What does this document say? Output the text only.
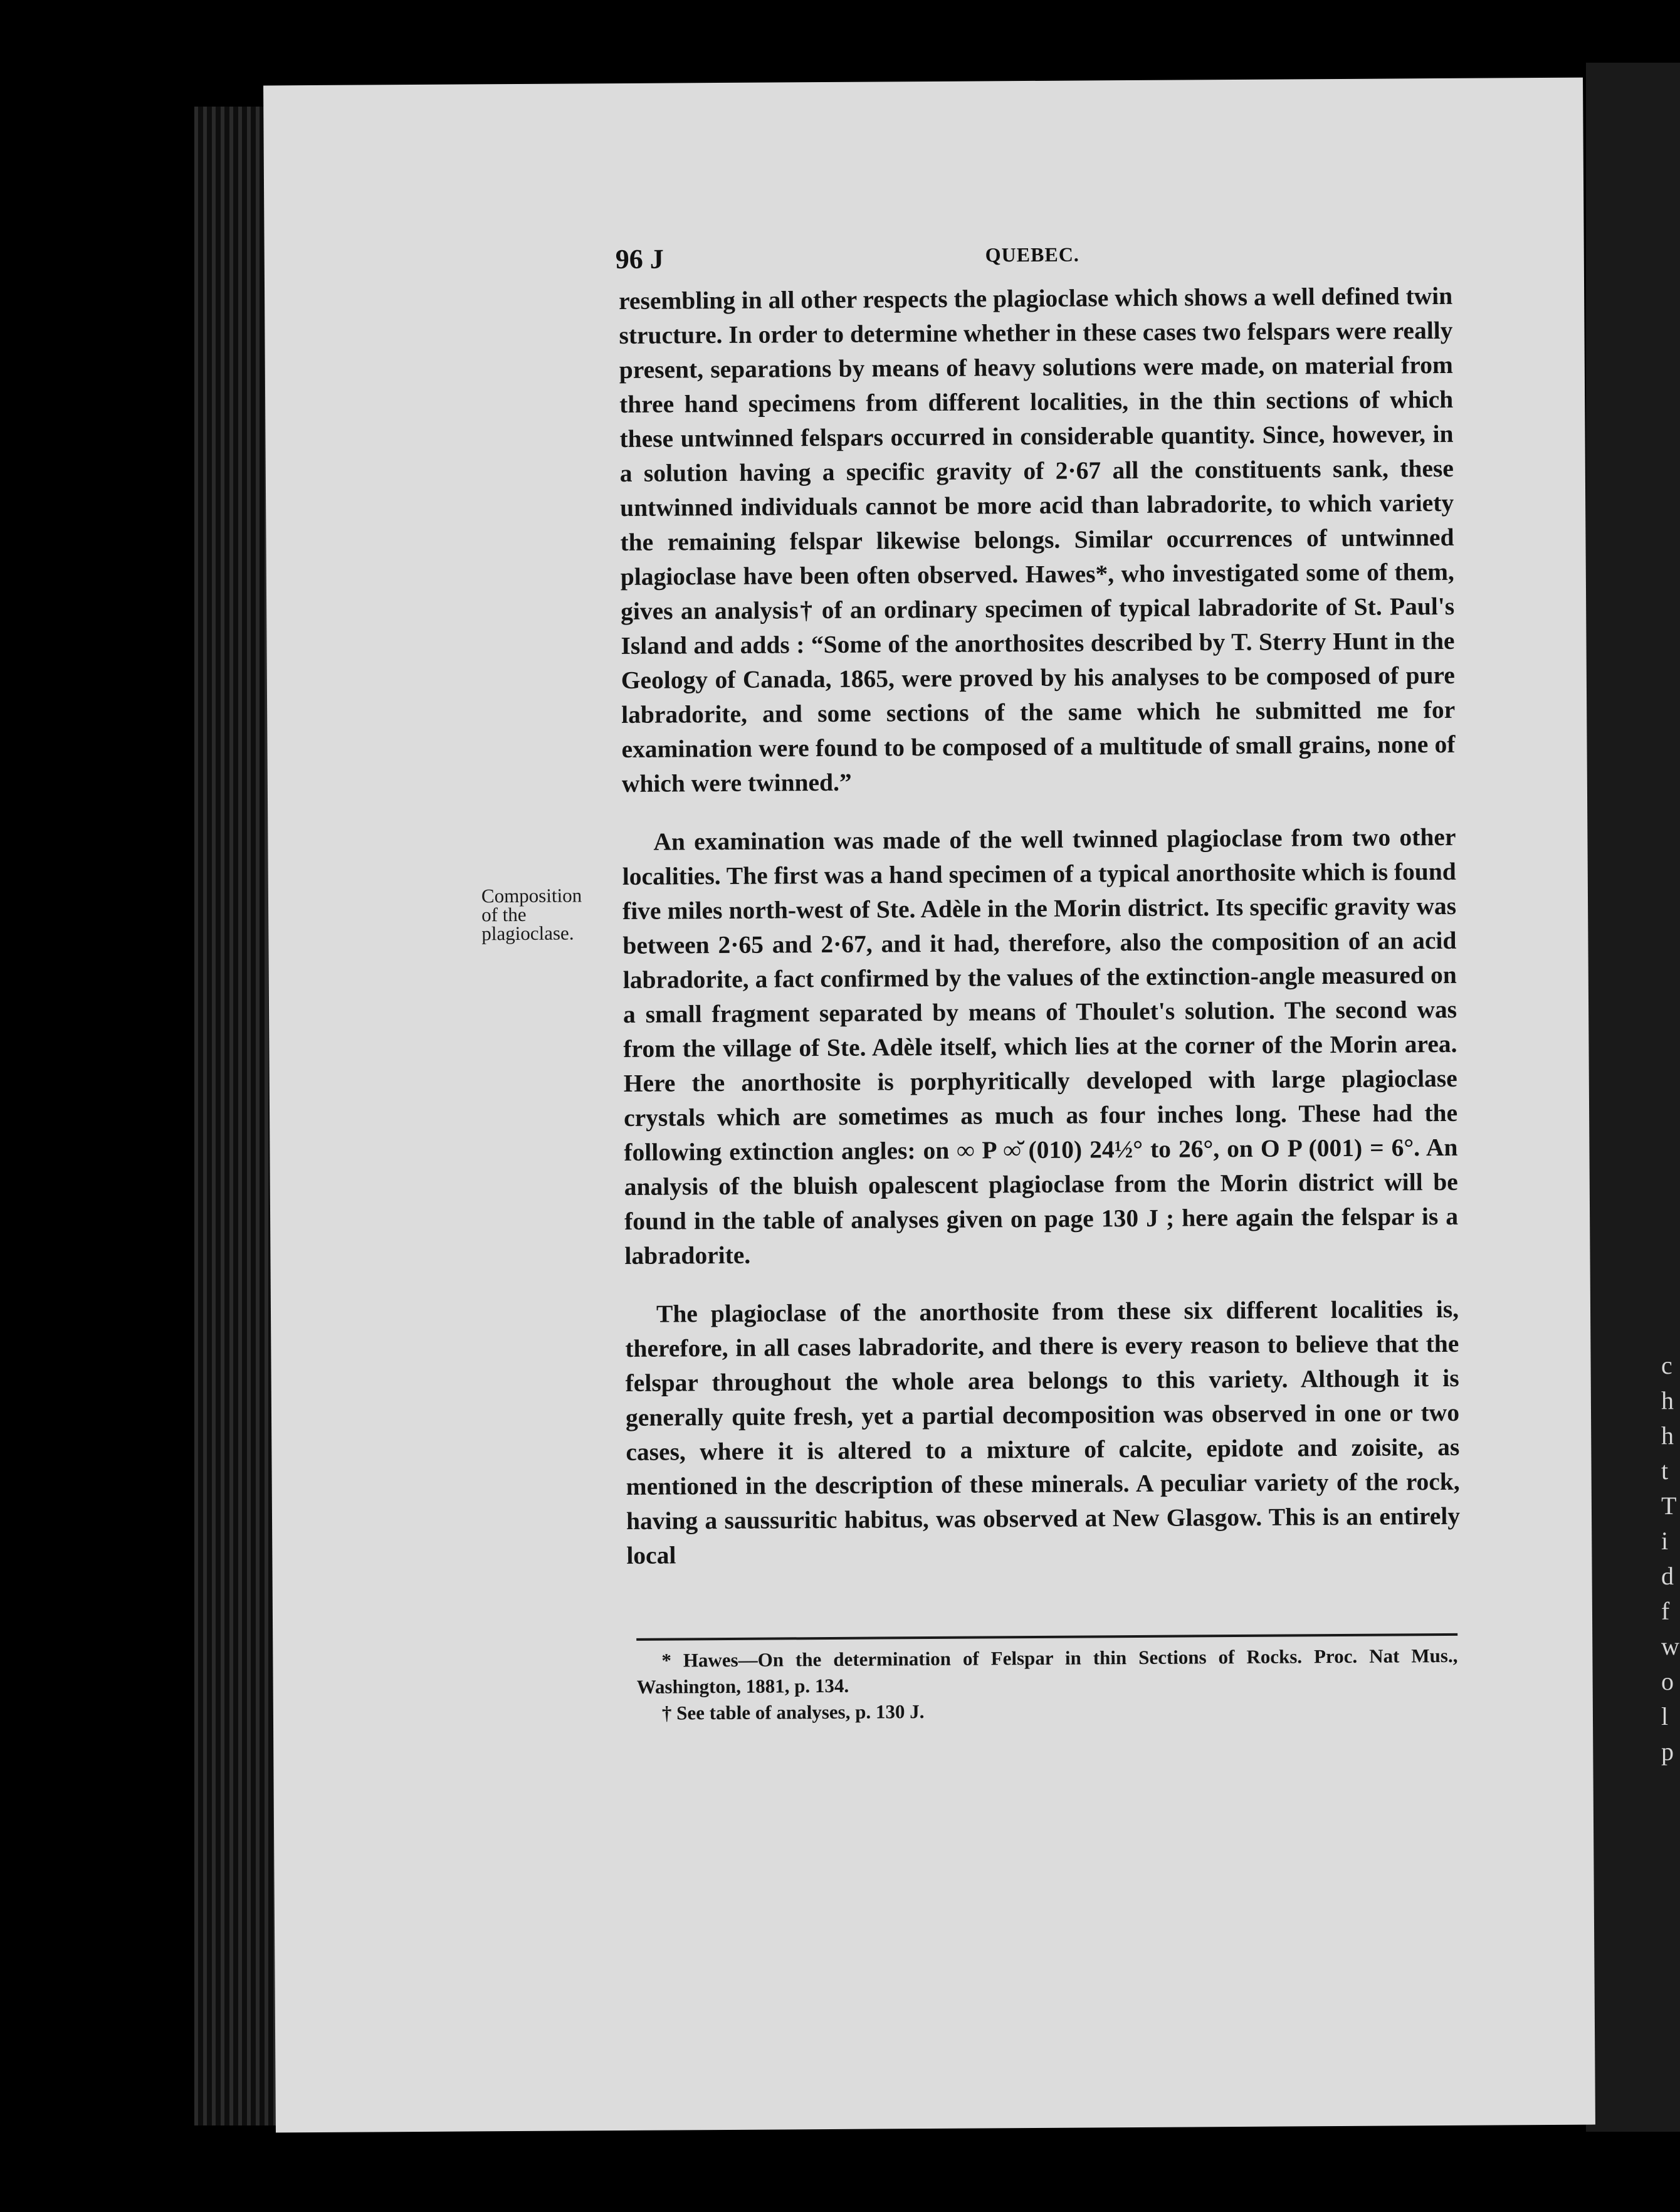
c
h
h
t
T
i
d
f
w
o
l
p
96 J	QUEBEC.
Composition
of the
plagioclase.

resembling in all other respects the plagioclase which shows a well defined twin structure. In order to determine whether in these cases two felspars were really present, separations by means of heavy solutions were made, on material from three hand specimens from different localities, in the thin sections of which these untwinned felspars occurred in considerable quantity. Since, however, in a solution having a specific gravity of 2·67 all the constituents sank, these untwinned individuals cannot be more acid than labradorite, to which variety the remaining felspar likewise belongs. Similar occurrences of untwinned plagioclase have been often observed. Hawes*, who investigated some of them, gives an analysis† of an ordinary specimen of typical labradorite of St. Paul's Island and adds : “Some of the anorthosites described by T. Sterry Hunt in the Geology of Canada, 1865, were proved by his analyses to be composed of pure labradorite, and some sections of the same which he submitted me for examination were found to be composed of a multitude of small grains, none of which were twinned.”

An examination was made of the well twinned plagioclase from two other localities. The first was a hand specimen of a typical anorthosite which is found five miles north-west of Ste. Adèle in the Morin district. Its specific gravity was between 2·65 and 2·67, and it had, therefore, also the composition of an acid labradorite, a fact confirmed by the values of the extinction-angle measured on a small fragment separated by means of Thoulet's solution. The second was from the village of Ste. Adèle itself, which lies at the corner of the Morin area. Here the anorthosite is porphyritically developed with large plagioclase crystals which are sometimes as much as four inches long. These had the following extinction angles: on ∞ P ∞̆ (010) 24½° to 26°, on O P (001) = 6°. An analysis of the bluish opalescent plagioclase from the Morin district will be found in the table of analyses given on page 130 J ; here again the felspar is a labradorite.

The plagioclase of the anorthosite from these six different localities is, therefore, in all cases labradorite, and there is every reason to believe that the felspar throughout the whole area belongs to this variety. Although it is generally quite fresh, yet a partial decomposition was observed in one or two cases, where it is altered to a mixture of calcite, epidote and zoisite, as mentioned in the description of these minerals. A peculiar variety of the rock, having a saussuritic habitus, was observed at New Glasgow. This is an entirely local

* Hawes—On the determination of Felspar in thin Sections of Rocks. Proc. Nat Mus., Washington, 1881, p. 134.

† See table of analyses, p. 130 J.
